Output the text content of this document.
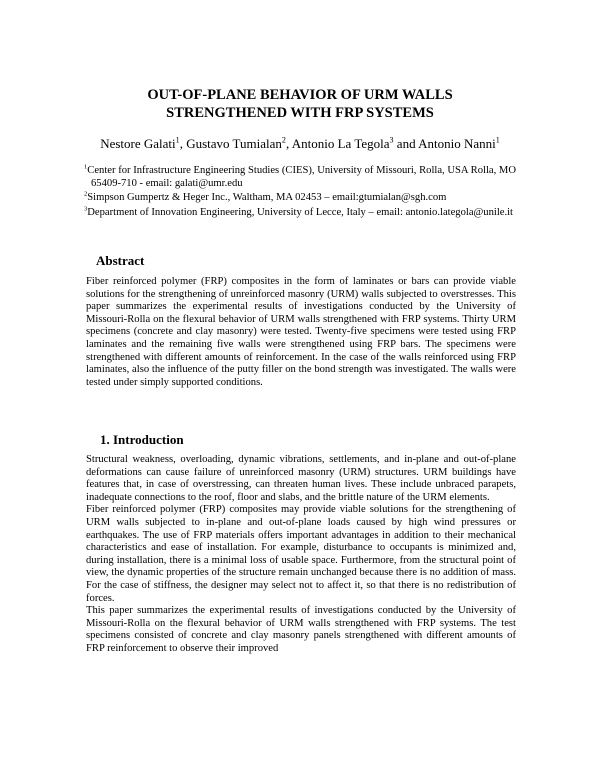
OUT-OF-PLANE BEHAVIOR OF URM WALLS
STRENGTHENED WITH FRP SYSTEMS
Nestore Galati$^1$, Gustavo Tumialan$^2$, Antonio La Tegola$^3$ and Antonio Nanni$^1$
$^1$Center for Infrastructure Engineering Studies (CIES), University of Missouri, Rolla, USA Rolla, MO 65409-710 - email: galati@umr.edu
$^2$Simpson Gumpertz & Heger Inc., Waltham, MA 02453 – email:gtumialan@sgh.com
$^3$Department of Innovation Engineering, University of Lecce, Italy – email: antonio.lategola@unile.it
Abstract

Fiber reinforced polymer (FRP) composites in the form of laminates or bars can provide viable solutions for the strengthening of unreinforced masonry (URM) walls subjected to overstresses. This paper summarizes the experimental results of investigations conducted by the University of Missouri-Rolla on the flexural behavior of URM walls strengthened with FRP systems. Thirty URM specimens (concrete and clay masonry) were tested. Twenty-five specimens were tested using FRP laminates and the remaining five walls were strengthened using FRP bars. The specimens were strengthened with different amounts of reinforcement. In the case of the walls reinforced using FRP laminates, also the influence of the putty filler on the bond strength was investigated. The walls were tested under simply supported conditions.

1. Introduction

Structural weakness, overloading, dynamic vibrations, settlements, and in-plane and out-of-plane deformations can cause failure of unreinforced masonry (URM) structures. URM buildings have features that, in case of overstressing, can threaten human lives. These include unbraced parapets, inadequate connections to the roof, floor and slabs, and the brittle nature of the URM elements.

Fiber reinforced polymer (FRP) composites may provide viable solutions for the strengthening of URM walls subjected to in-plane and out-of-plane loads caused by high wind pressures or earthquakes. The use of FRP materials offers important advantages in addition to their mechanical characteristics and ease of installation. For example, disturbance to occupants is minimized and, during installation, there is a minimal loss of usable space. Furthermore, from the structural point of view, the dynamic properties of the structure remain unchanged because there is no addition of mass. For the case of stiffness, the designer may select not to affect it, so that there is no redistribution of forces.

This paper summarizes the experimental results of investigations conducted by the University of Missouri-Rolla on the flexural behavior of URM walls strengthened with FRP systems. The test specimens consisted of concrete and clay masonry panels strengthened with different amounts of FRP reinforcement to observe their improved
